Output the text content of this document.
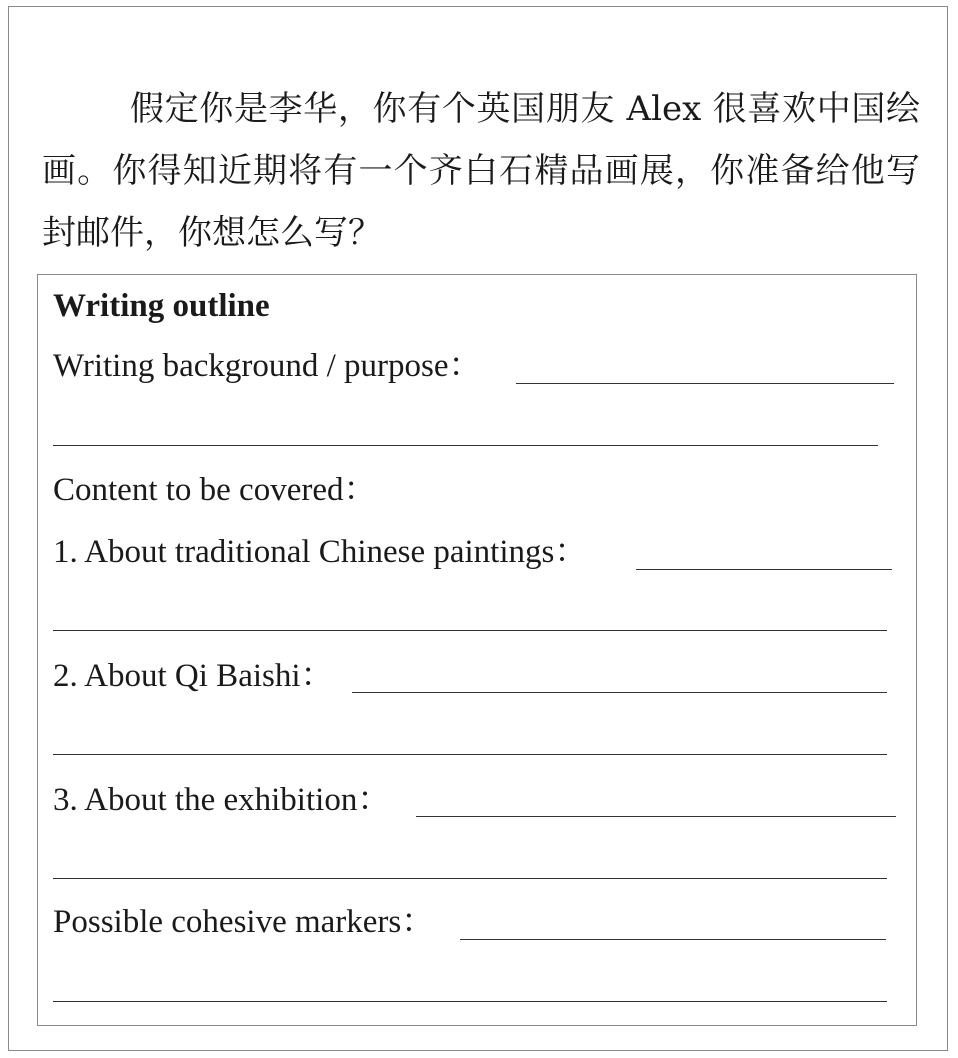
假定你是李华，你有个英国朋友 Alex 很喜欢中国绘画。你得知近期将有一个齐白石精品画展，你准备给他写封邮件，你想怎么写？

Writing outline
Writing background / purpose：
Content to be covered：
1. About traditional Chinese paintings：
2. About Qi Baishi：
3. About the exhibition：
Possible cohesive markers：
